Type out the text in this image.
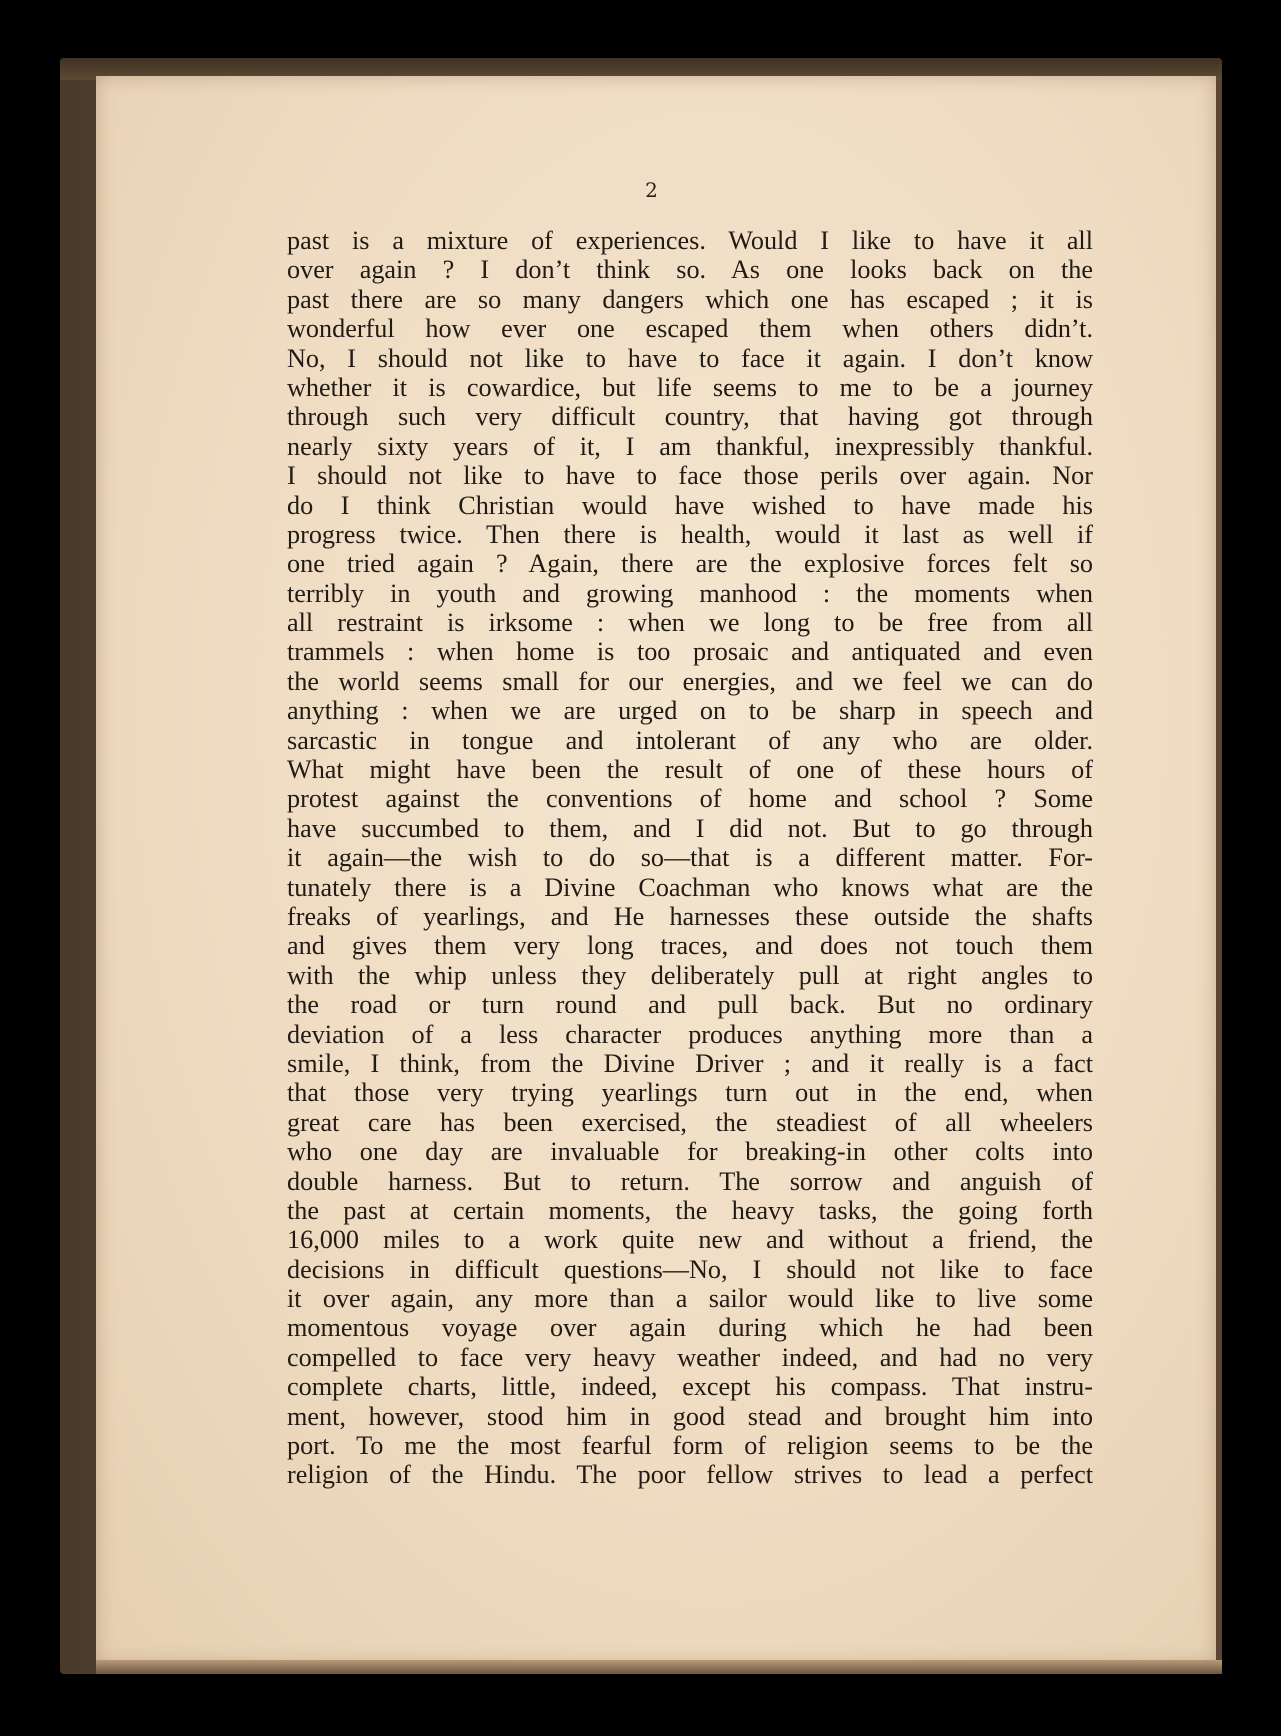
2
past is a mixture of experiences. Would I like to have it all
over again ? I don’t think so. As one looks back on the
past there are so many dangers which one has escaped ; it is
wonderful how ever one escaped them when others didn’t.
No, I should not like to have to face it again. I don’t know
whether it is cowardice, but life seems to me to be a journey
through such very difficult country, that having got through
nearly sixty years of it, I am thankful, inexpressibly thankful.
I should not like to have to face those perils over again. Nor
do I think Christian would have wished to have made his
progress twice. Then there is health, would it last as well if
one tried again ? Again, there are the explosive forces felt so
terribly in youth and growing manhood : the moments when
all restraint is irksome : when we long to be free from all
trammels : when home is too prosaic and antiquated and even
the world seems small for our energies, and we feel we can do
anything : when we are urged on to be sharp in speech and
sarcastic in tongue and intolerant of any who are older.
What might have been the result of one of these hours of
protest against the conventions of home and school ? Some
have succumbed to them, and I did not. But to go through
it again—the wish to do so—that is a different matter. For-
tunately there is a Divine Coachman who knows what are the
freaks of yearlings, and He harnesses these outside the shafts
and gives them very long traces, and does not touch them
with the whip unless they deliberately pull at right angles to
the road or turn round and pull back. But no ordinary
deviation of a less character produces anything more than a
smile, I think, from the Divine Driver ; and it really is a fact
that those very trying yearlings turn out in the end, when
great care has been exercised, the steadiest of all wheelers
who one day are invaluable for breaking-in other colts into
double harness. But to return. The sorrow and anguish of
the past at certain moments, the heavy tasks, the going forth
16,000 miles to a work quite new and without a friend, the
decisions in difficult questions—No, I should not like to face
it over again, any more than a sailor would like to live some
momentous voyage over again during which he had been
compelled to face very heavy weather indeed, and had no very
complete charts, little, indeed, except his compass. That instru-
ment, however, stood him in good stead and brought him into
port. To me the most fearful form of religion seems to be the
religion of the Hindu. The poor fellow strives to lead a perfect
